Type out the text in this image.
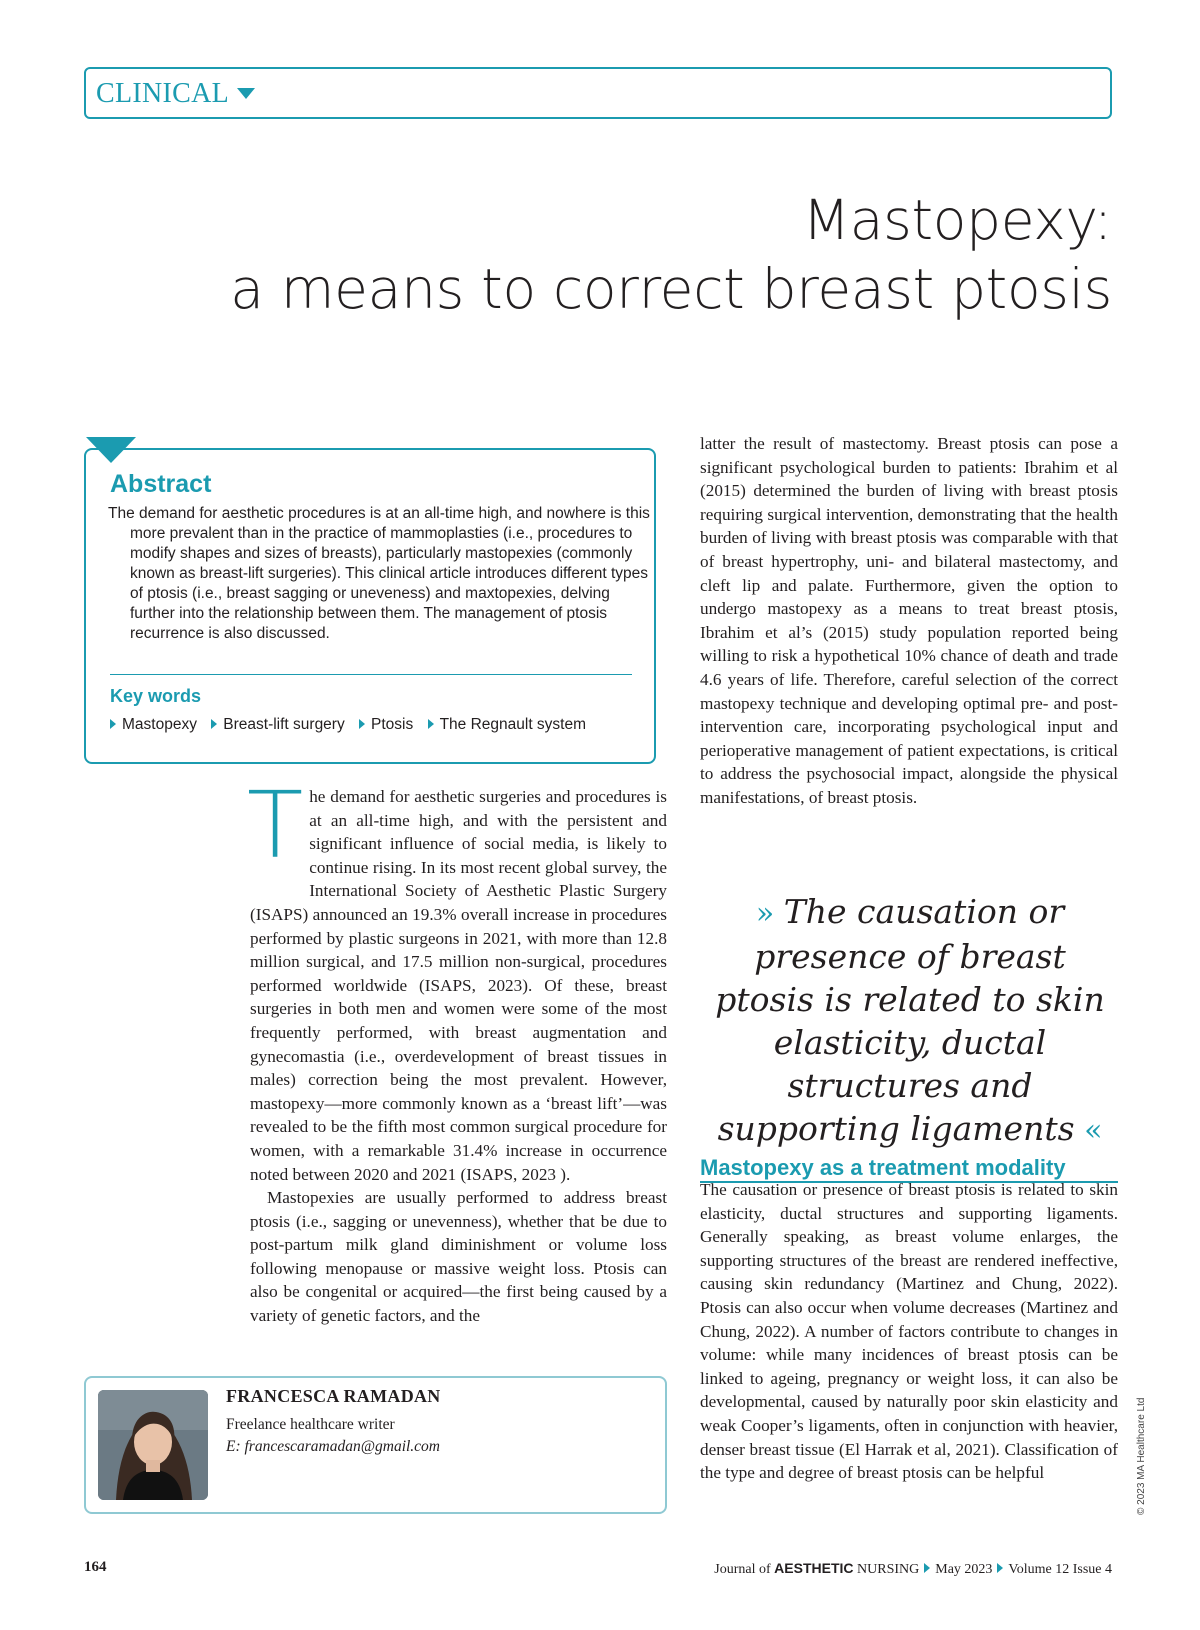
CLINICAL
Mastopexy:
a means to correct breast ptosis
Abstract
The demand for aesthetic procedures is at an all-time high, and nowhere is this more prevalent than in the practice of mammoplasties (i.e., procedures to modify shapes and sizes of breasts), particularly mastopexies (commonly known as breast-lift surgeries). This clinical article introduces different types of ptosis (i.e., breast sagging or uneveness) and maxtopexies, delving further into the relationship between them. The management of ptosis recurrence is also discussed.
Key words
Mastopexy Breast-lift surgery Ptosis The Regnault system

The demand for aesthetic surgeries and procedures is at an all-time high, and with the persistent and significant influence of social media, is likely to continue rising. In its most recent global survey, the International Society of Aesthetic Plastic Surgery (ISAPS) announced an 19.3% overall increase in procedures performed by plastic surgeons in 2021, with more than 12.8 million surgical, and 17.5 million non-surgical, procedures performed worldwide (ISAPS, 2023). Of these, breast surgeries in both men and women were some of the most frequently performed, with breast augmentation and gynecomastia (i.e., overdevelopment of breast tissues in males) correction being the most prevalent. However, mastopexy—more commonly known as a ‘breast lift’—was revealed to be the fifth most common surgical procedure for women, with a remarkable 31.4% increase in occurrence noted between 2020 and 2021 (ISAPS, 2023 ).

Mastopexies are usually performed to address breast ptosis (i.e., sagging or unevenness), whether that be due to post-partum milk gland diminishment or volume loss following menopause or massive weight loss. Ptosis can also be congenital or acquired—the first being caused by a variety of genetic factors, and the

latter the result of mastectomy. Breast ptosis can pose a significant psychological burden to patients: Ibrahim et al (2015) determined the burden of living with breast ptosis requiring surgical intervention, demonstrating that the health burden of living with breast ptosis was comparable with that of breast hypertrophy, uni- and bilateral mastectomy, and cleft lip and palate. Furthermore, given the option to undergo mastopexy as a means to treat breast ptosis, Ibrahim et al’s (2015) study population reported being willing to risk a hypothetical 10% chance of death and trade 4.6 years of life. Therefore, careful selection of the correct mastopexy technique and developing optimal pre- and post-intervention care, incorporating psychological input and perioperative management of patient expectations, is critical to address the psychosocial impact, alongside the physical manifestations, of breast ptosis.

» The causation or presence of breast ptosis is related to skin elasticity, ductal structures and supporting ligaments «
Mastopexy as a treatment modality

The causation or presence of breast ptosis is related to skin elasticity, ductal structures and supporting ligaments. Generally speaking, as breast volume enlarges, the supporting structures of the breast are rendered ineffective, causing skin redundancy (Martinez and Chung, 2022). Ptosis can also occur when volume decreases (Martinez and Chung, 2022). A number of factors contribute to changes in volume: while many incidences of breast ptosis can be linked to ageing, pregnancy or weight loss, it can also be developmental, caused by naturally poor skin elasticity and weak Cooper’s ligaments, often in conjunction with heavier, denser breast tissue (El Harrak et al, 2021). Classification of the type and degree of breast ptosis can be helpful

FRANCESCA RAMADAN
Freelance healthcare writer
E: francescaramadan@gmail.com
164	Journal of AESTHETIC NURSING May 2023 Volume 12 Issue 4
© 2023 MA Healthcare Ltd
